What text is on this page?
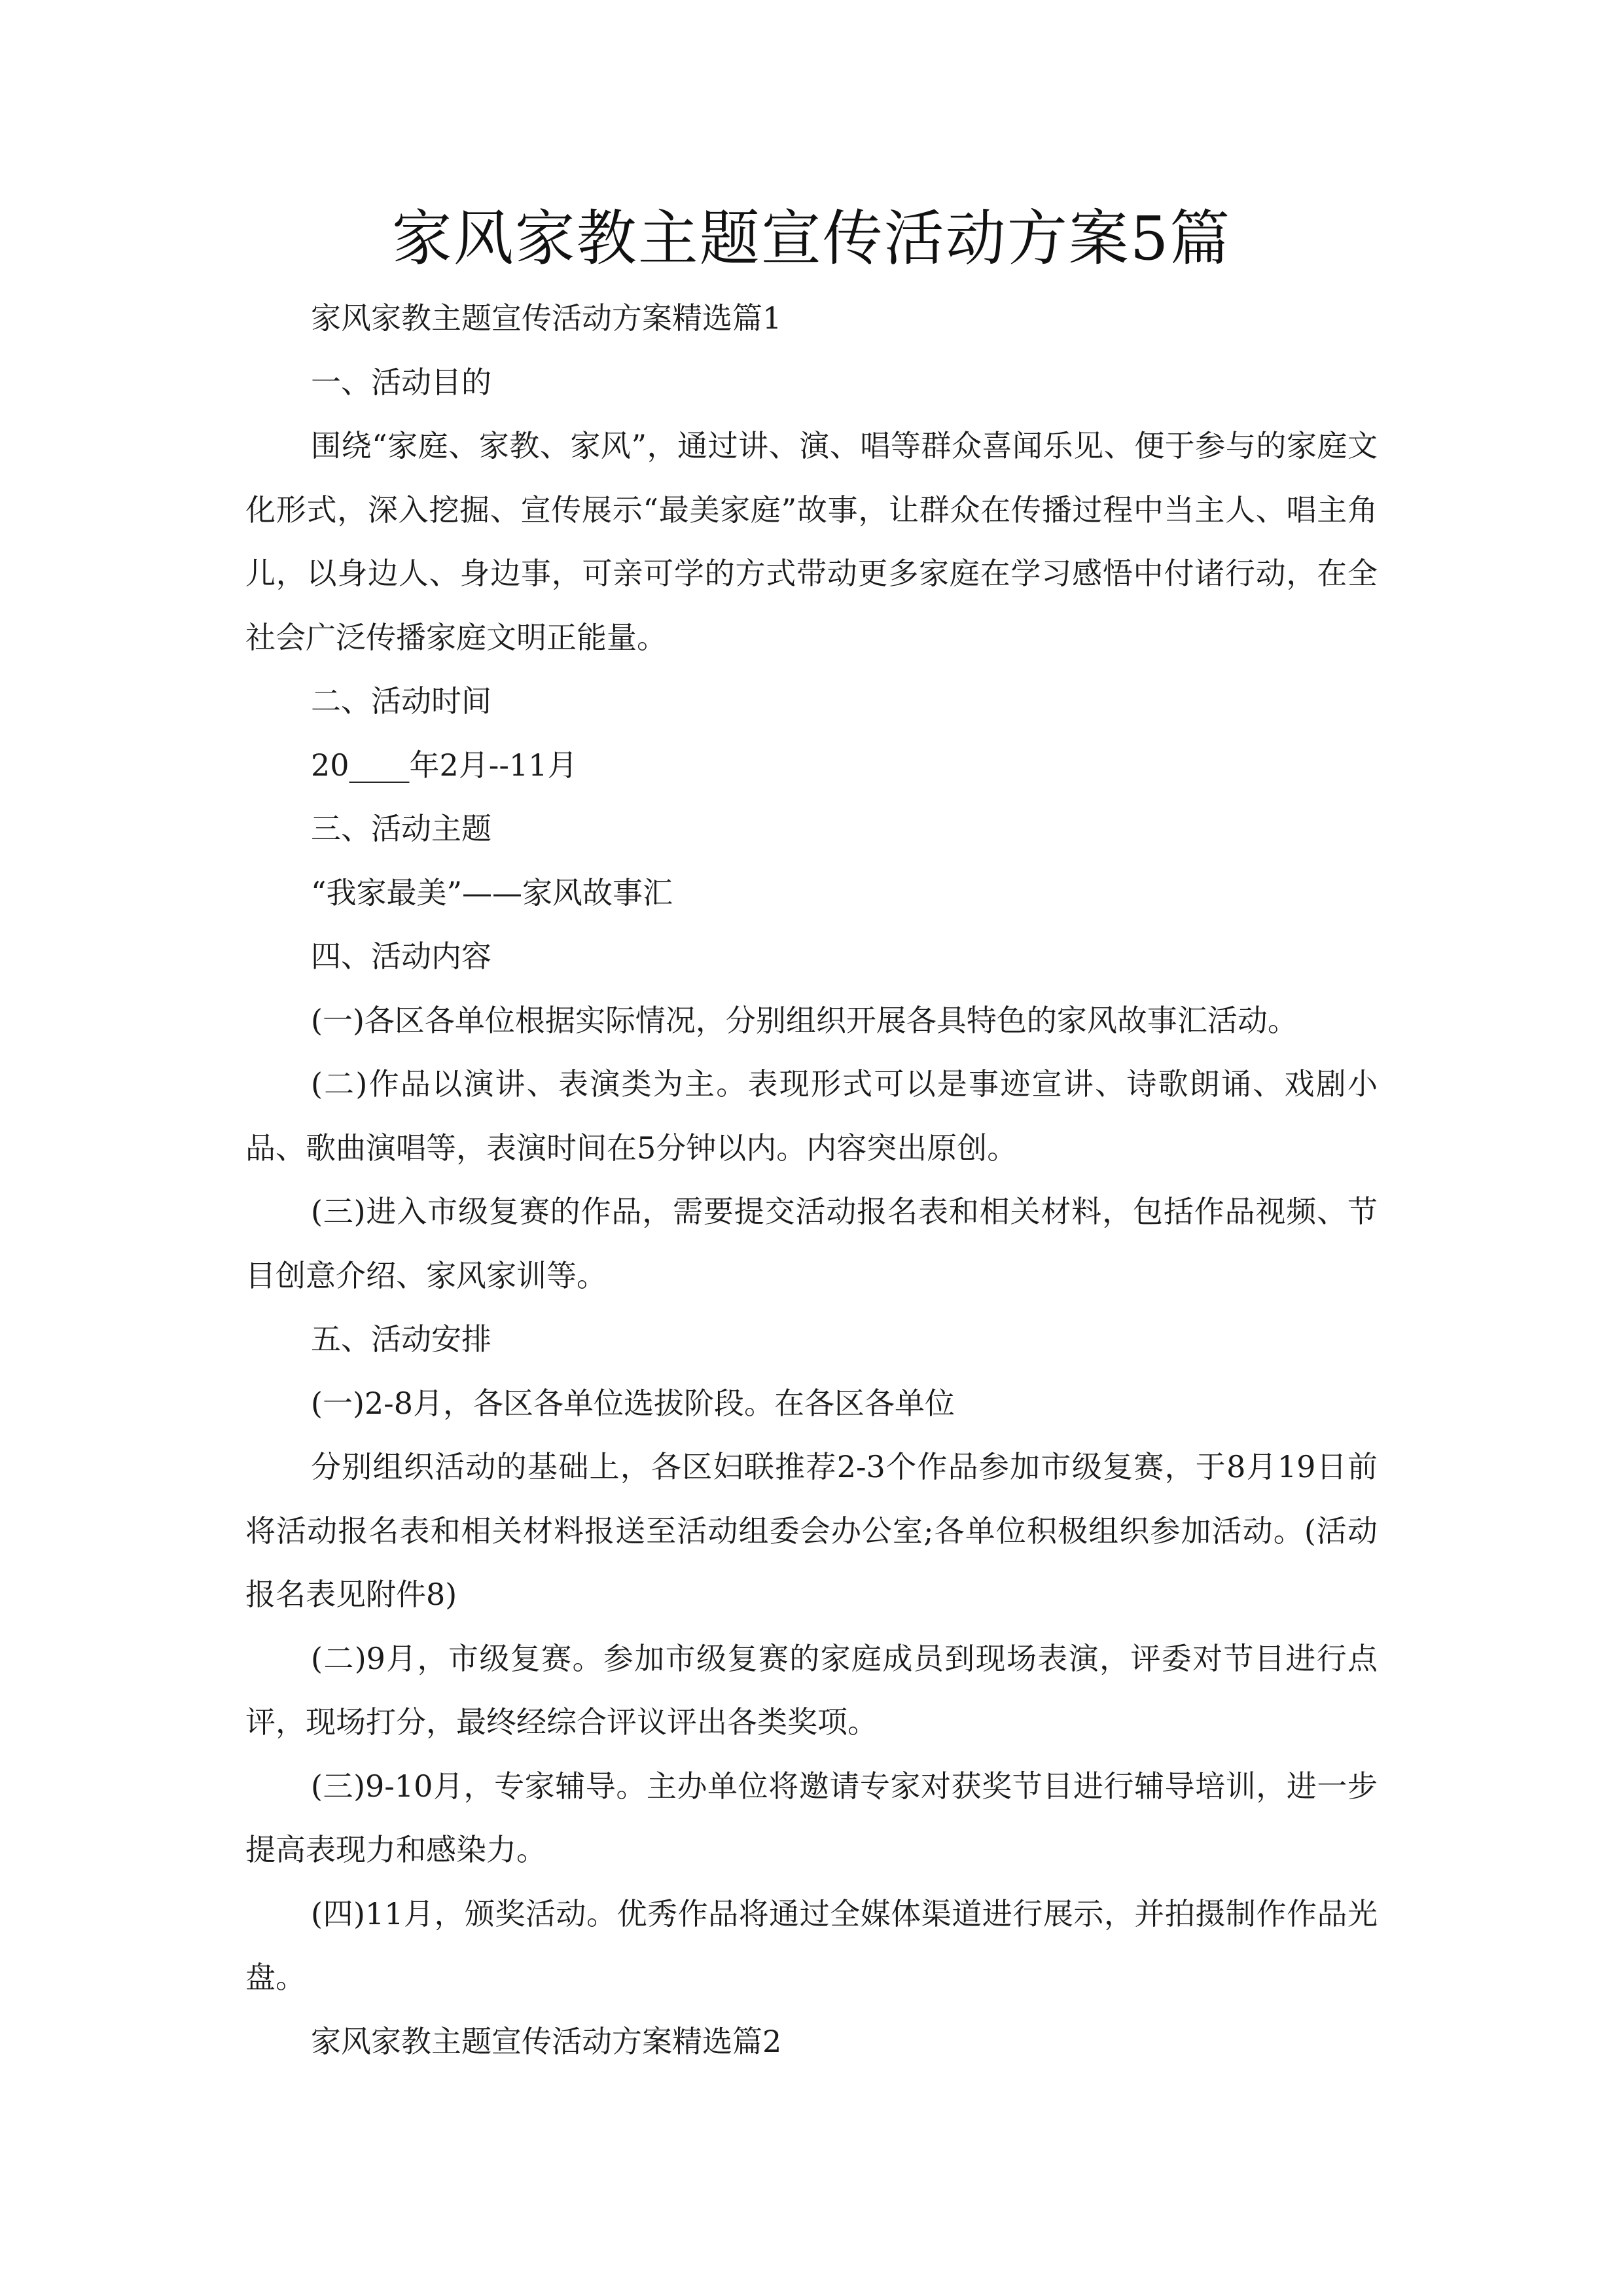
家风家教主题宣传活动方案5篇

家风家教主题宣传活动方案精选篇1

一、活动目的

围绕“家庭、家教、家风”，通过讲、演、唱等群众喜闻乐见、便于参与的家庭文化形式，深入挖掘、宣传展示“最美家庭”故事，让群众在传播过程中当主人、唱主角儿，以身边人、身边事，可亲可学的方式带动更多家庭在学习感悟中付诸行动，在全社会广泛传播家庭文明正能量。

二、活动时间

20____年2月--11月

三、活动主题

“我家最美”——家风故事汇

四、活动内容

(一)各区各单位根据实际情况，分别组织开展各具特色的家风故事汇活动。

(二)作品以演讲、表演类为主。表现形式可以是事迹宣讲、诗歌朗诵、戏剧小品、歌曲演唱等，表演时间在5分钟以内。内容突出原创。

(三)进入市级复赛的作品，需要提交活动报名表和相关材料，包括作品视频、节目创意介绍、家风家训等。

五、活动安排

(一)2-8月，各区各单位选拔阶段。在各区各单位

分别组织活动的基础上，各区妇联推荐2-3个作品参加市级复赛，于8月19日前将活动报名表和相关材料报送至活动组委会办公室;各单位积极组织参加活动。(活动报名表见附件8)

(二)9月，市级复赛。参加市级复赛的家庭成员到现场表演，评委对节目进行点评，现场打分，最终经综合评议评出各类奖项。

(三)9-10月，专家辅导。主办单位将邀请专家对获奖节目进行辅导培训，进一步提高表现力和感染力。

(四)11月，颁奖活动。优秀作品将通过全媒体渠道进行展示，并拍摄制作作品光盘。

家风家教主题宣传活动方案精选篇2
